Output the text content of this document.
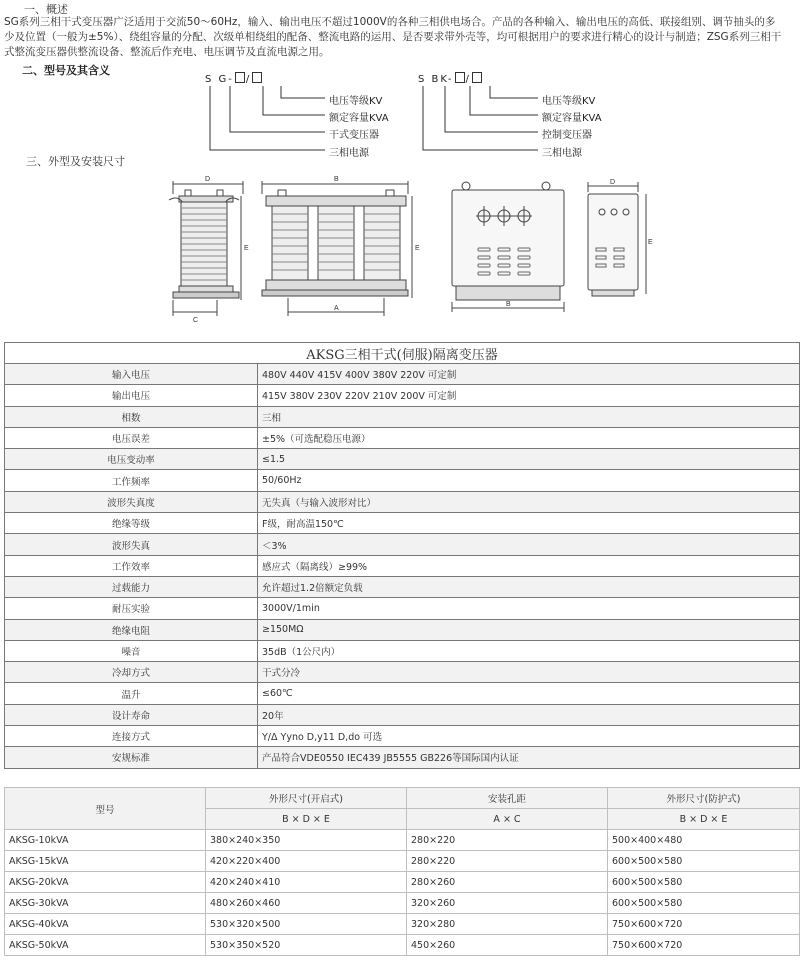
一、概述
SG系列三相干式变压器广泛适用于交流50～60Hz，输入、输出电压不超过1000V的各种三相供电场合。产品的各种输入、输出电压的高低、联接组别、调节抽头的多
少及位置（一般为±5%）、绕组容量的分配、次级单相绕组的配备、整流电路的运用、是否要求带外壳等，均可根据用户的要求进行精心的设计与制造；ZSG系列三相干
式整流变压器供整流设备、整流后作充电、电压调节及直流电源之用。
二、型号及其含义
S G- /
电压等级KV
额定容量KVA
干式变压器
三相电源
S BK- /
电压等级KV
额定容量KVA
控制变压器
三相电源
三、外型及安装尺寸
D
E
C
B
E
A
B
D
E
AKSG三相干式(伺服)隔离变压器	
输入电压	480V 440V 415V 400V 380V 220V 可定制
输出电压	415V 380V 230V 220V 210V 200V 可定制
相数	三相
电压误差	±5%（可选配稳压电源）
电压变动率	≤1.5
工作频率	50/60Hz
波形失真度	无失真（与输入波形对比）
绝缘等级	F级，耐高温150℃
波形失真	＜3%
工作效率	感应式（隔离线）≥99%
过载能力	允许超过1.2倍额定负载
耐压实验	3000V/1min
绝缘电阻	≥150MΩ
噪音	35dB（1公尺内）
冷却方式	干式分冷
温升	≤60℃
设计寿命	20年
连接方式	Y/Δ Yyno D,y11 D,do 可选
安规标准	产品符合VDE0550 IEC439 JB5555 GB226等国际国内认证
型号	外形尺寸(开启式)	安装孔距	外形尺寸(防护式)
	B × D × E	A × C	B × D × E
AKSG-10kVA	380×240×350	280×220	500×400×480
AKSG-15kVA	420×220×400	280×220	600×500×580
AKSG-20kVA	420×240×410	280×260	600×500×580
AKSG-30kVA	480×260×460	320×260	600×500×580
AKSG-40kVA	530×320×500	320×280	750×600×720
AKSG-50kVA	530×350×520	450×260	750×600×720
